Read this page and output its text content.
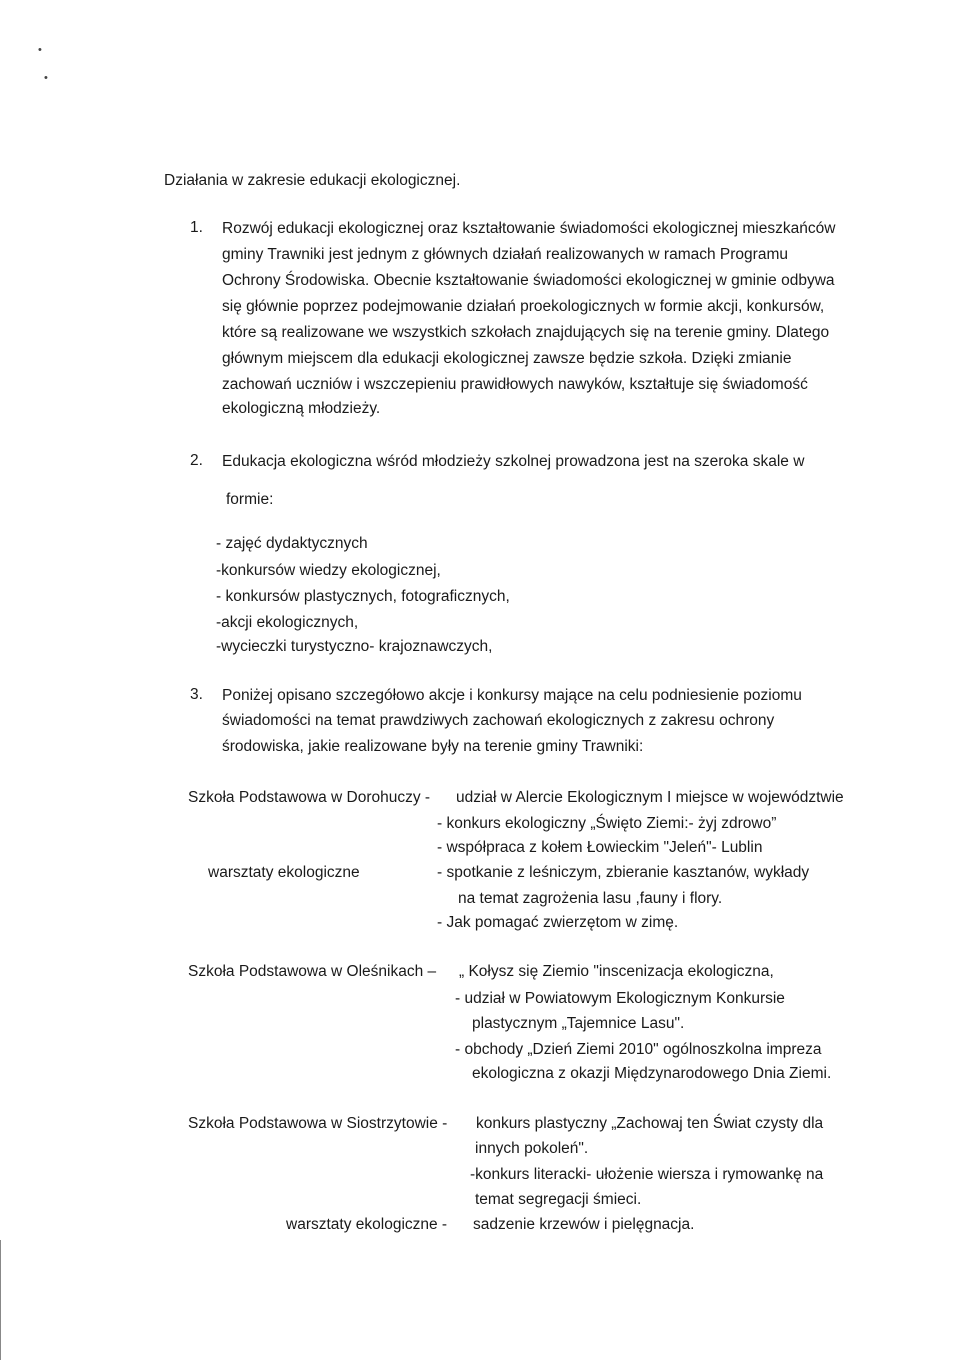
•
•
Działania w zakresie edukacji ekologicznej.
1. Rozwój edukacji ekologicznej oraz kształtowanie świadomości ekologicznej mieszkańców
gminy Trawniki jest jednym z głównych działań realizowanych w ramach Programu
Ochrony Środowiska. Obecnie kształtowanie świadomości ekologicznej w gminie odbywa
się głównie poprzez podejmowanie działań proekologicznych w formie akcji, konkursów,
które są realizowane we wszystkich szkołach znajdujących się na terenie gminy. Dlatego
głównym miejscem dla edukacji ekologicznej zawsze będzie szkoła. Dzięki zmianie
zachowań uczniów i wszczepieniu prawidłowych nawyków, kształtuje się świadomość
ekologiczną młodzieży.
2. Edukacja ekologiczna wśród młodzieży szkolnej prowadzona jest na szeroka skale w
formie:
- zajęć dydaktycznych
-konkursów wiedzy ekologicznej,
- konkursów plastycznych, fotograficznych,
-akcji ekologicznych,
-wycieczki turystyczno- krajoznawczych,
3. Poniżej opisano szczegółowo akcje i konkursy mające na celu podniesienie poziomu
świadomości na temat prawdziwych zachowań ekologicznych z zakresu ochrony
środowiska, jakie realizowane były na terenie gminy Trawniki:
Szkoła Podstawowa w Dorohuczy - udział w Alercie Ekologicznym I miejsce w województwie
- konkurs ekologiczny „Święto Ziemi:- żyj zdrowo”
- współpraca z kołem Łowieckim "Jeleń"- Lublin
warsztaty ekologiczne	- spotkanie z leśniczym, zbieranie kasztanów, wykłady
na temat zagrożenia lasu ,fauny i flory.
- Jak pomagać zwierzętom w zimę.
Szkoła Podstawowa w Oleśnikach – „ Kołysz się Ziemio "inscenizacja ekologiczna,
- udział w Powiatowym Ekologicznym Konkursie
plastycznym „Tajemnice Lasu".
- obchody „Dzień Ziemi 2010" ogólnoszkolna impreza
ekologiczna z okazji Międzynarodowego Dnia Ziemi.
Szkoła Podstawowa w Siostrzytowie - konkurs plastyczny „Zachowaj ten Świat czysty dla
innych pokoleń".
-konkurs literacki- ułożenie wiersza i rymowankę na
temat segregacji śmieci.
warsztaty ekologiczne - sadzenie krzewów i pielęgnacja.
